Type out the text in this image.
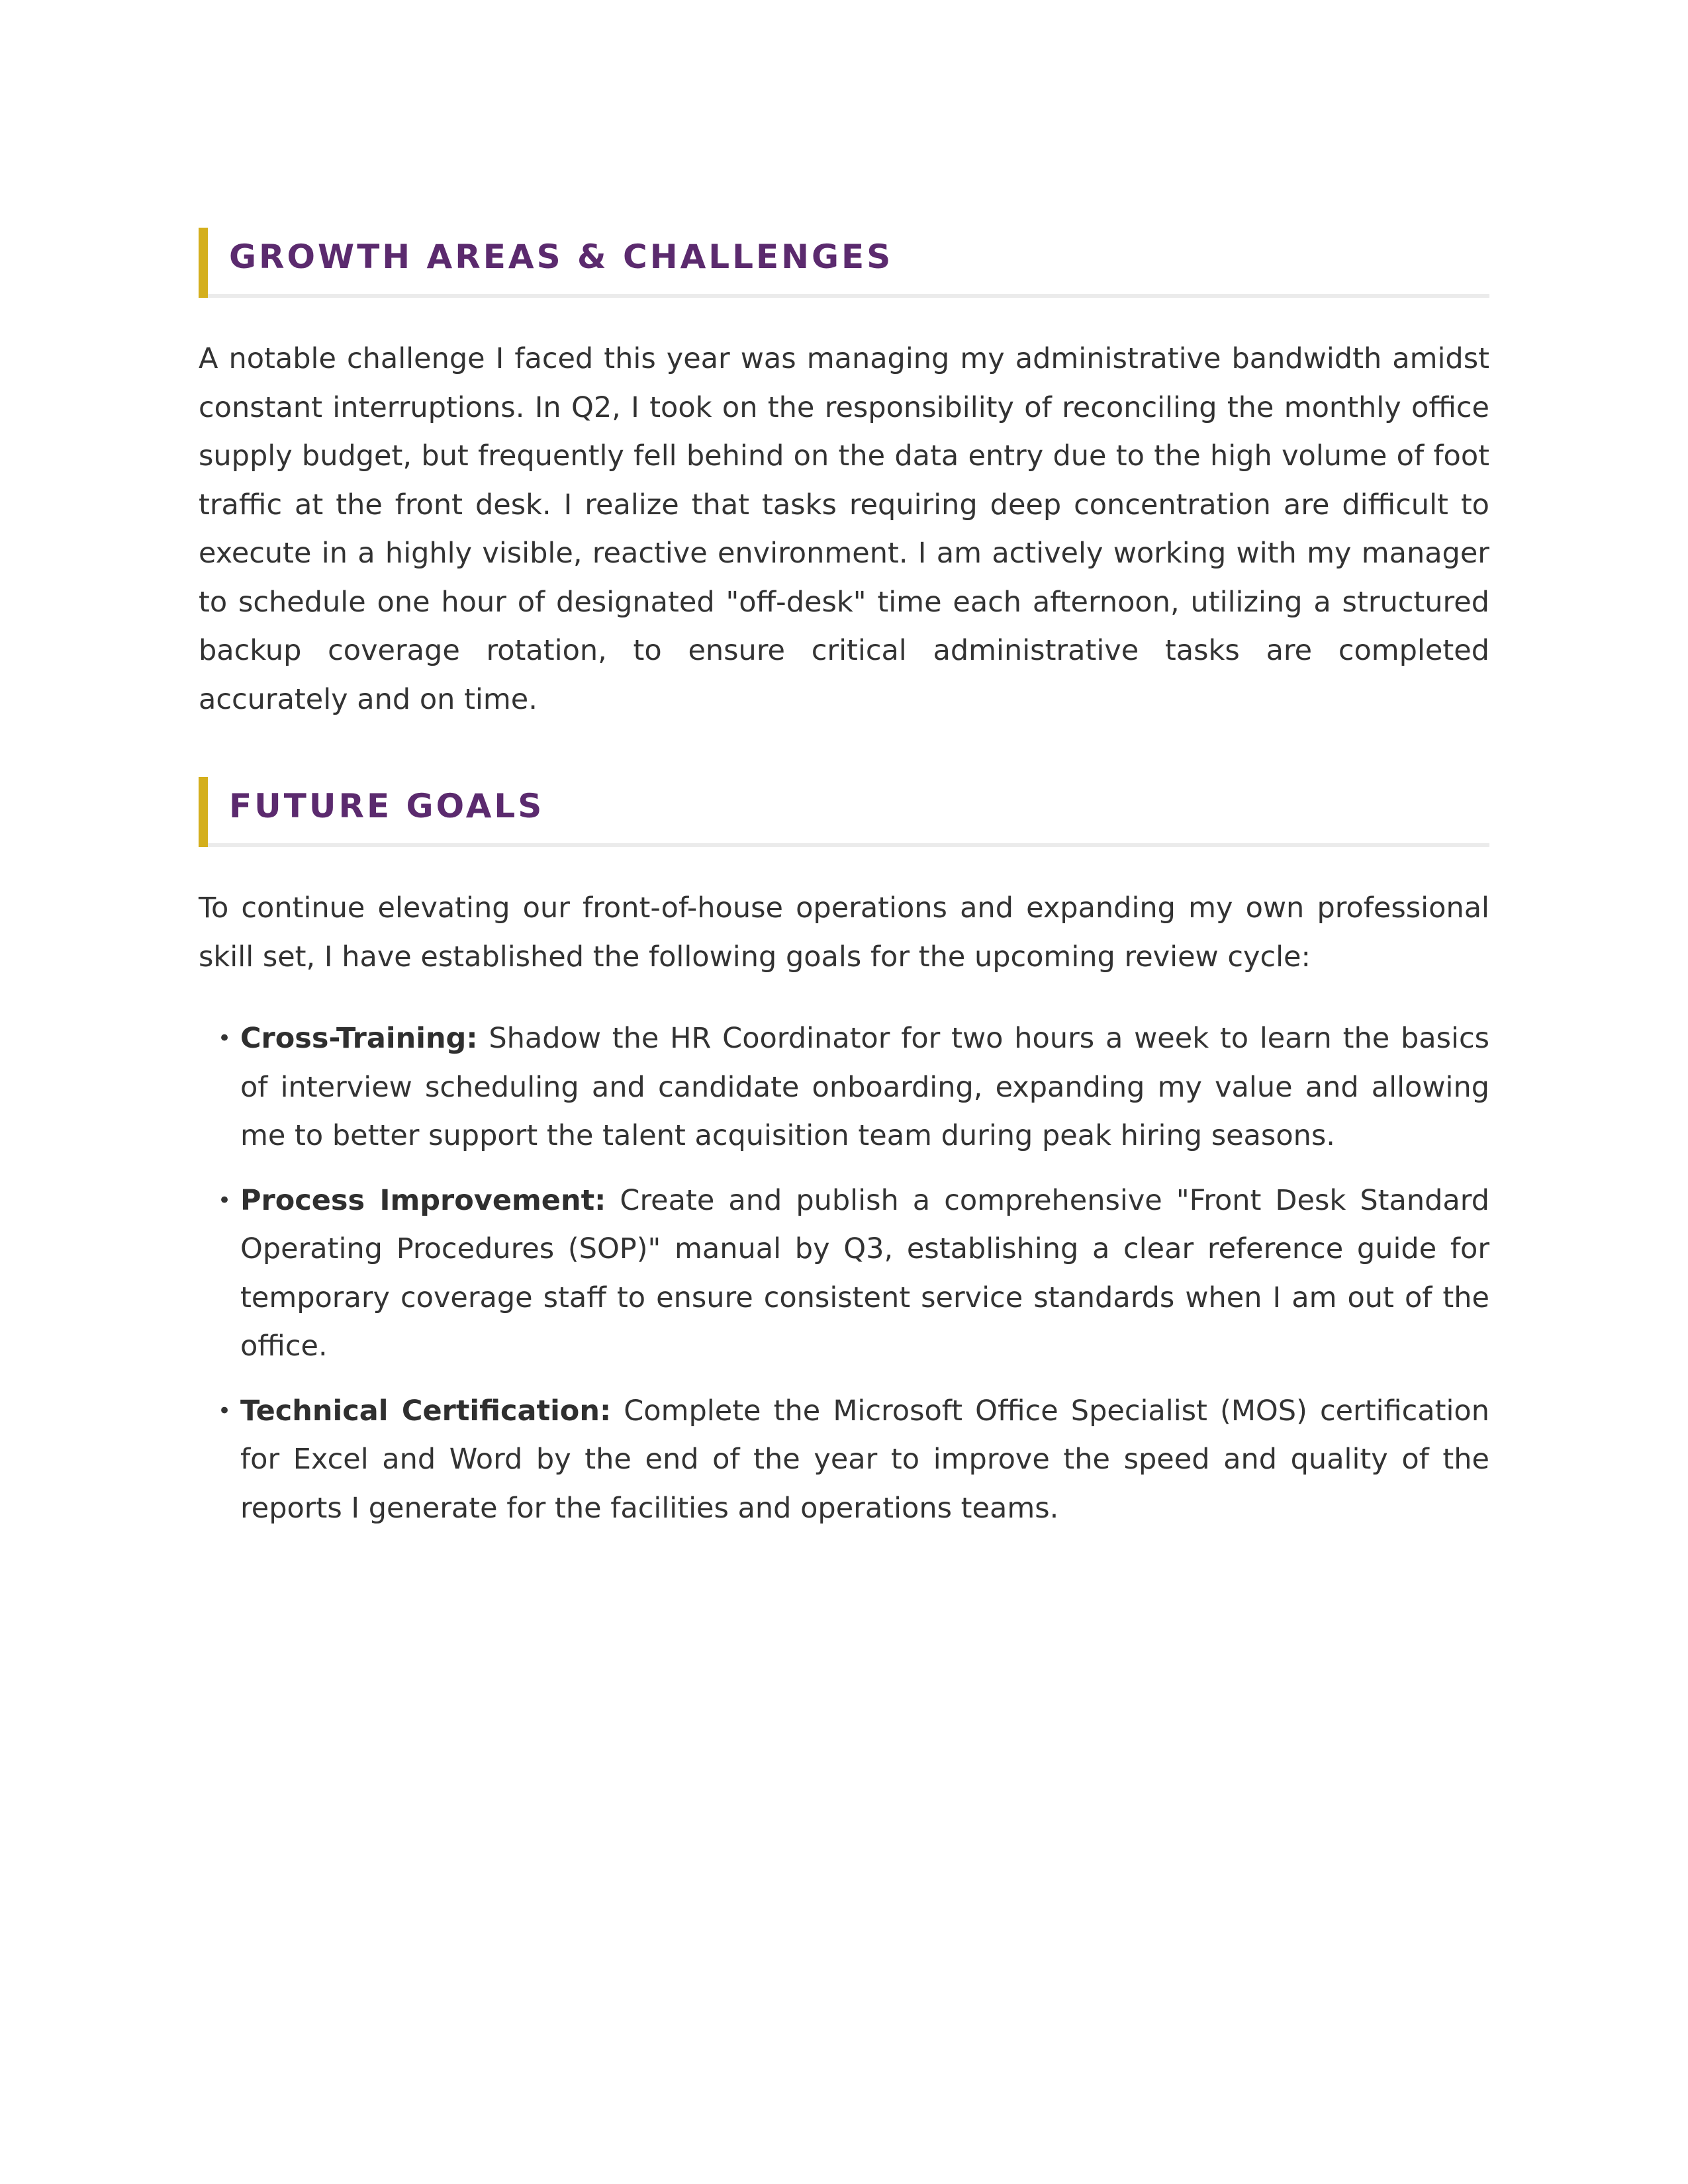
GROWTH AREAS & CHALLENGES

A notable challenge I faced this year was managing my administrative bandwidth amidst constant interruptions. In Q2, I took on the responsibility of reconciling the monthly office supply budget, but frequently fell behind on the data entry due to the high volume of foot traffic at the front desk. I realize that tasks requiring deep concentration are difficult to execute in a highly visible, reactive environment. I am actively working with my manager to schedule one hour of designated "off-desk" time each afternoon, utilizing a structured backup coverage rotation, to ensure critical administrative tasks are completed accurately and on time.

FUTURE GOALS

To continue elevating our front-of-house operations and expanding my own professional skill set, I have established the following goals for the upcoming review cycle:

• Cross-Training: Shadow the HR Coordinator for two hours a week to learn the basics of interview scheduling and candidate onboarding, expanding my value and allowing me to better support the talent acquisition team during peak hiring seasons.
• Process Improvement: Create and publish a comprehensive "Front Desk Standard Operating Procedures (SOP)" manual by Q3, establishing a clear reference guide for temporary coverage staff to ensure consistent service standards when I am out of the office.
• Technical Certification: Complete the Microsoft Office Specialist (MOS) certification for Excel and Word by the end of the year to improve the speed and quality of the reports I generate for the facilities and operations teams.
